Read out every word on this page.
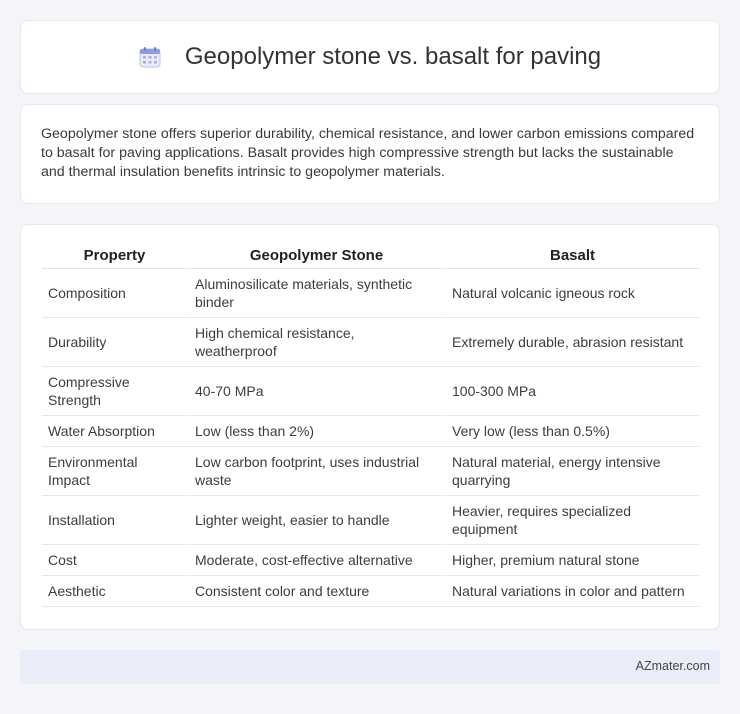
Geopolymer stone vs. basalt for paving

Geopolymer stone offers superior durability, chemical resistance, and lower carbon emissions compared to basalt for paving applications. Basalt provides high compressive strength but lacks the sustainable and thermal insulation benefits intrinsic to geopolymer materials.

Property	Geopolymer Stone	Basalt
Composition	Aluminosilicate materials, synthetic binder	Natural volcanic igneous rock
Durability	High chemical resistance, weatherproof	Extremely durable, abrasion resistant
Compressive Strength	40-70 MPa	100-300 MPa
Water Absorption	Low (less than 2%)	Very low (less than 0.5%)
Environmental Impact	Low carbon footprint, uses industrial waste	Natural material, energy intensive quarrying
Installation	Lighter weight, easier to handle	Heavier, requires specialized equipment
Cost	Moderate, cost-effective alternative	Higher, premium natural stone
Aesthetic	Consistent color and texture	Natural variations in color and pattern
AZmater.com
